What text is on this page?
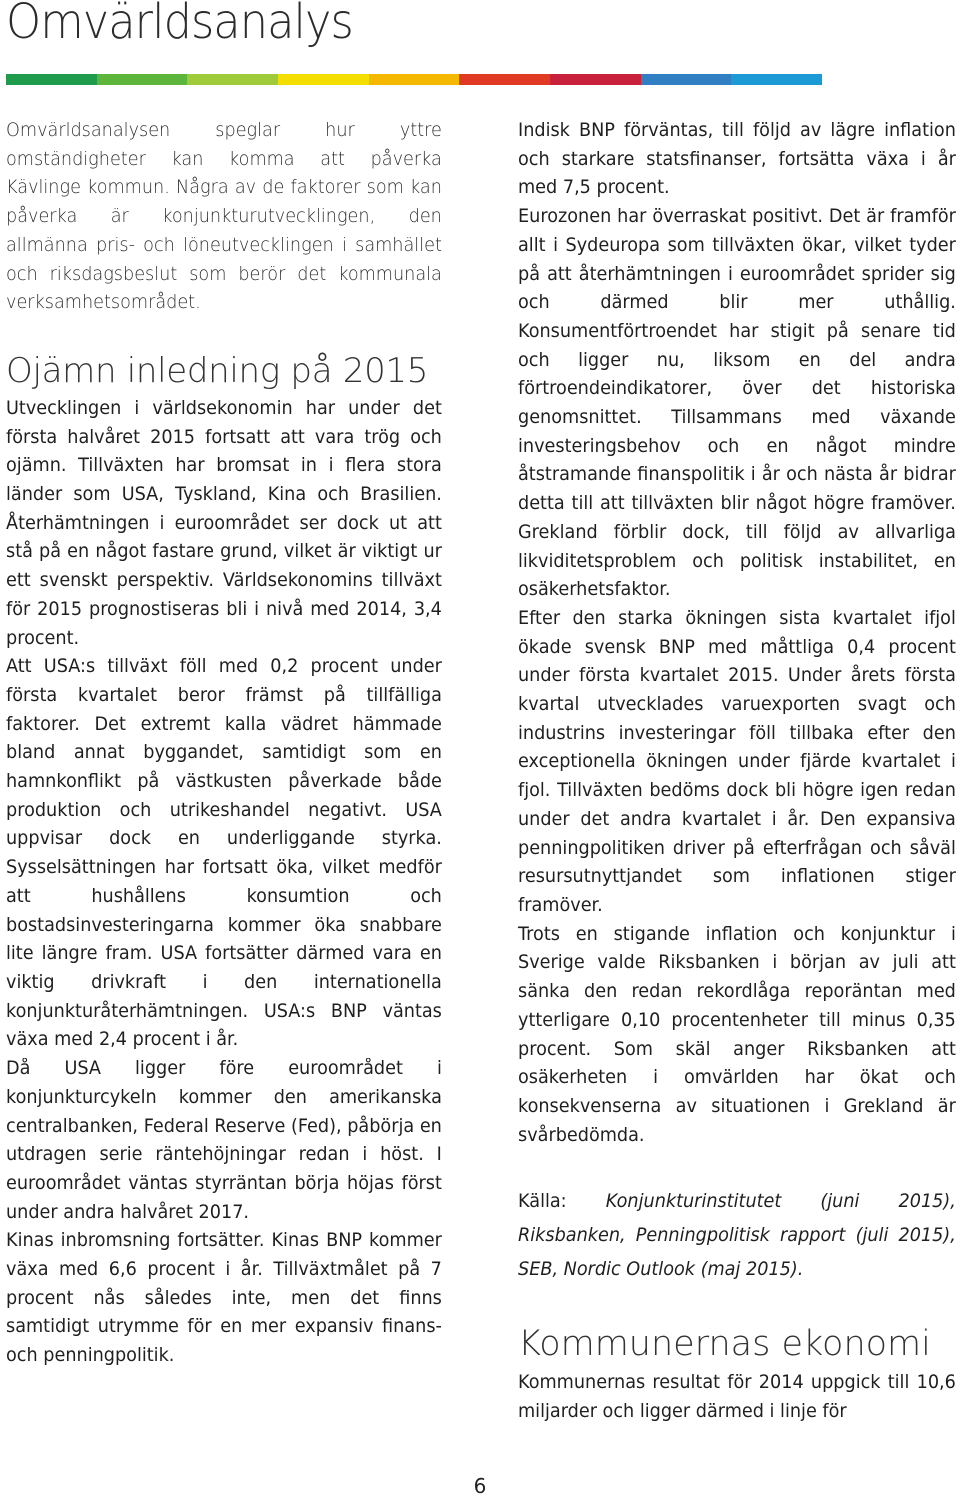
Omvärldsanalys

Omvärldsanalysen speglar hur yttre omständigheter kan komma att påverka Kävlinge kommun. Några av de faktorer som kan påverka är konjunkturutvecklingen, den allmänna pris- och löneutvecklingen i samhället och riksdagsbeslut som berör det kommunala verksamhetsområdet.

Ojämn inledning på 2015

Utvecklingen i världsekonomin har under det första halvåret 2015 fortsatt att vara trög och ojämn. Tillväxten har bromsat in i flera stora länder som USA, Tyskland, Kina och Brasilien. Återhämtningen i euroområdet ser dock ut att stå på en något fastare grund, vilket är viktigt ur ett svenskt perspektiv. Världsekonomins tillväxt för 2015 prognostiseras bli i nivå med 2014, 3,4 procent.

Att USA:s tillväxt föll med 0,2 procent under första kvartalet beror främst på tillfälliga faktorer. Det extremt kalla vädret hämmade bland annat byggandet, samtidigt som en hamnkonflikt på västkusten påverkade både produktion och utrikeshandel negativt. USA uppvisar dock en underliggande styrka. Sysselsättningen har fortsatt öka, vilket medför att hushållens konsumtion och bostadsinvesteringarna kommer öka snabbare lite längre fram. USA fortsätter därmed vara en viktig drivkraft i den internationella konjunkturåterhämtningen. USA:s BNP väntas växa med 2,4 procent i år.

Då USA ligger före euroområdet i konjunkturcykeln kommer den amerikanska centralbanken, Federal Reserve (Fed), påbörja en utdragen serie räntehöjningar redan i höst. I euroområdet väntas styrräntan börja höjas först under andra halvåret 2017.

Kinas inbromsning fortsätter. Kinas BNP kommer växa med 6,6 procent i år. Tillväxtmålet på 7 procent nås således inte, men det finns samtidigt utrymme för en mer expansiv finans- och penningpolitik.

Indisk BNP förväntas, till följd av lägre inflation och starkare statsfinanser, fortsätta växa i år med 7,5 procent.

Eurozonen har överraskat positivt. Det är framför allt i Sydeuropa som tillväxten ökar, vilket tyder på att återhämtningen i euroområdet sprider sig och därmed blir mer uthållig. Konsumentförtroendet har stigit på senare tid och ligger nu, liksom en del andra förtroendeindikatorer, över det historiska genomsnittet. Tillsammans med växande investeringsbehov och en något mindre åtstramande finanspolitik i år och nästa år bidrar detta till att tillväxten blir något högre framöver. Grekland förblir dock, till följd av allvarliga likviditetsproblem och politisk instabilitet, en osäkerhetsfaktor.

Efter den starka ökningen sista kvartalet ifjol ökade svensk BNP med måttliga 0,4 procent under första kvartalet 2015. Under årets första kvartal utvecklades varuexporten svagt och industrins investeringar föll tillbaka efter den exceptionella ökningen under fjärde kvartalet i fjol. Tillväxten bedöms dock bli högre igen redan under det andra kvartalet i år. Den expansiva penningpolitiken driver på efterfrågan och såväl resursutnyttjandet som inflationen stiger framöver.

Trots en stigande inflation och konjunktur i Sverige valde Riksbanken i början av juli att sänka den redan rekordlåga reporäntan med ytterligare 0,10 procentenheter till minus 0,35 procent. Som skäl anger Riksbanken att osäkerheten i omvärlden har ökat och konsekvenserna av situationen i Grekland är svårbedömda.

Källa: Konjunkturinstitutet (juni 2015), Riksbanken, Penningpolitisk rapport (juli 2015), SEB, Nordic Outlook (maj 2015).

Kommunernas ekonomi

Kommunernas resultat för 2014 uppgick till 10,6 miljarder och ligger därmed i linje för

6
